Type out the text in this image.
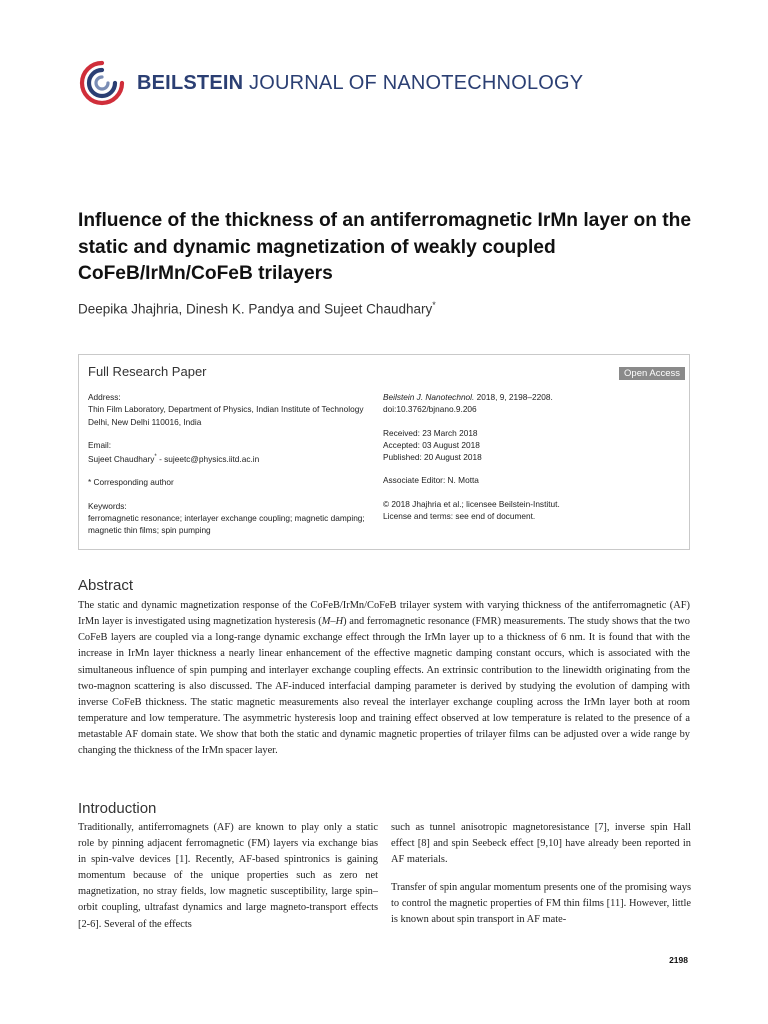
BEILSTEIN JOURNAL OF NANOTECHNOLOGY
Influence of the thickness of an antiferromagnetic IrMn layer on the static and dynamic magnetization of weakly coupled CoFeB/IrMn/CoFeB trilayers
Deepika Jhajhria, Dinesh K. Pandya and Sujeet Chaudhary*
Full Research Paper	Open Access

Address:
Thin Film Laboratory, Department of Physics, Indian Institute of Technology Delhi, New Delhi 110016, India

Email:
Sujeet Chaudhary* - sujeetc@physics.iitd.ac.in

* Corresponding author

Keywords:
ferromagnetic resonance; interlayer exchange coupling; magnetic damping; magnetic thin films; spin pumping

Beilstein J. Nanotechnol. 2018, 9, 2198–2208.
doi:10.3762/bjnano.9.206

Received: 23 March 2018
Accepted: 03 August 2018
Published: 20 August 2018

Associate Editor: N. Motta

© 2018 Jhajhria et al.; licensee Beilstein-Institut.
License and terms: see end of document.

Abstract

The static and dynamic magnetization response of the CoFeB/IrMn/CoFeB trilayer system with varying thickness of the antiferromagnetic (AF) IrMn layer is investigated using magnetization hysteresis (M–H) and ferromagnetic resonance (FMR) measurements. The study shows that the two CoFeB layers are coupled via a long-range dynamic exchange effect through the IrMn layer up to a thickness of 6 nm. It is found that with the increase in IrMn layer thickness a nearly linear enhancement of the effective magnetic damping constant occurs, which is associated with the simultaneous influence of spin pumping and interlayer exchange coupling effects. An extrinsic contribution to the linewidth originating from the two-magnon scattering is also discussed. The AF-induced interfacial damping parameter is derived by studying the evolution of damping with inverse CoFeB thickness. The static magnetic measurements also reveal the interlayer exchange coupling across the IrMn layer both at room temperature and low temperature. The asymmetric hysteresis loop and training effect observed at low temperature is related to the presence of a metastable AF domain state. We show that both the static and dynamic magnetic properties of trilayer films can be adjusted over a wide range by changing the thickness of the IrMn spacer layer.

Introduction

Traditionally, antiferromagnets (AF) are known to play only a static role by pinning adjacent ferromagnetic (FM) layers via exchange bias in spin-valve devices [1]. Recently, AF-based spintronics is gaining momentum because of the unique properties such as zero net magnetization, no stray fields, low magnetic susceptibility, large spin–orbit coupling, ultrafast dynamics and large magneto-transport effects [2-6]. Several of the effects

such as tunnel anisotropic magnetoresistance [7], inverse spin Hall effect [8] and spin Seebeck effect [9,10] have already been reported in AF materials.

Transfer of spin angular momentum presents one of the promising ways to control the magnetic properties of FM thin films [11]. However, little is known about spin transport in AF mate-

2198
